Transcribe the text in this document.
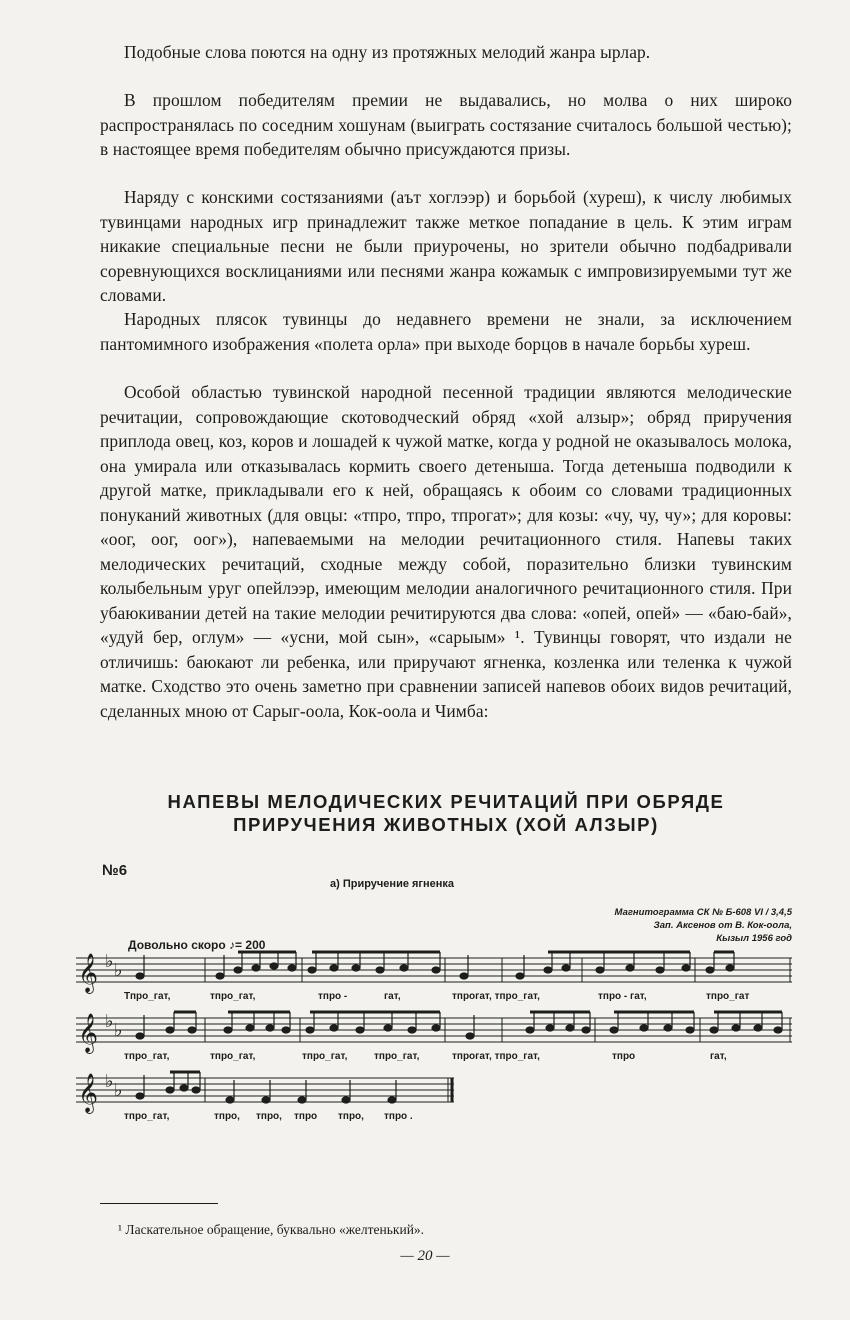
Подобные слова поются на одну из протяжных мелодий жанра ырлар.

В прошлом победителям премии не выдавались, но молва о них широко распространялась по соседним хошунам (выиграть состязание считалось большой честью); в настоящее время победителям обычно присуждаются призы.

Наряду с конскими состязаниями (аът хоглээр) и борьбой (хуреш), к числу любимых тувинцами народных игр принадлежит также меткое попадание в цель. К этим играм никакие специальные песни не были приурочены, но зрители обычно подбадривали соревнующихся восклицаниями или песнями жанра кожамык с импровизируемыми тут же словами.

Народных плясок тувинцы до недавнего времени не знали, за исключением пантомимного изображения «полета орла» при выходе борцов в начале борьбы хуреш.

Особой областью тувинской народной песенной традиции являются мелодические речитации, сопровождающие скотоводческий обряд «хой алзыр»; обряд приручения приплода овец, коз, коров и лошадей к чужой матке, когда у родной не оказывалось молока, она умирала или отказывалась кормить своего детеныша. Тогда детеныша подводили к другой матке, прикладывали его к ней, обращаясь к обоим со словами традиционных понуканий животных (для овцы: «тпро, тпро, тпрогат»; для козы: «чу, чу, чу»; для коровы: «оог, оог, оог»), напеваемыми на мелодии речитационного стиля. Напевы таких мелодических речитаций, сходные между собой, поразительно близки тувинским колыбельным уруг опейлээр, имеющим мелодии аналогичного речитационного стиля. При убаюкивании детей на такие мелодии речитируются два слова: «опей, опей» — «баю-бай», «удуй бер, оглум» — «усни, мой сын», «сарыым» ¹. Тувинцы говорят, что издали не отличишь: баюкают ли ребенка, или приручают ягненка, козленка или теленка к чужой матке. Сходство это очень заметно при сравнении записей напевов обоих видов речитаций, сделанных мною от Сарыг-оола, Кок-оола и Чимба:

НАПЕВЫ МЕЛОДИЧЕСКИХ РЕЧИТАЦИЙ ПРИ ОБРЯДЕ
ПРИРУЧЕНИЯ ЖИВОТНЫХ (ХОЙ АЛЗЫР)
№6
а) Приручение ягненка
Магнитограмма СК № Б-608 VI / 3,4,5
Зап. Аксенов от В. Кок-оола,
Кызыл 1956 год
Довольно скоро ♪= 200
𝄞
𝄞
𝄞
♭ ♭
♭ ♭
♭ ♭
Тпро_гат,	тпро_гат,	тпро -	гат,	тпрогат, тпро_гат,	тпро - гат,	тпро_гат
тпро_гат,	тпро_гат,	тпро_гат,	тпро_гат,	тпрогат, тпро_гат,	тпро	гат,
тпро_гат,	тпро, тпро, тпро тпро, тпро .
¹ Ласкательное обращение, буквально «желтенький».
— 20 —
